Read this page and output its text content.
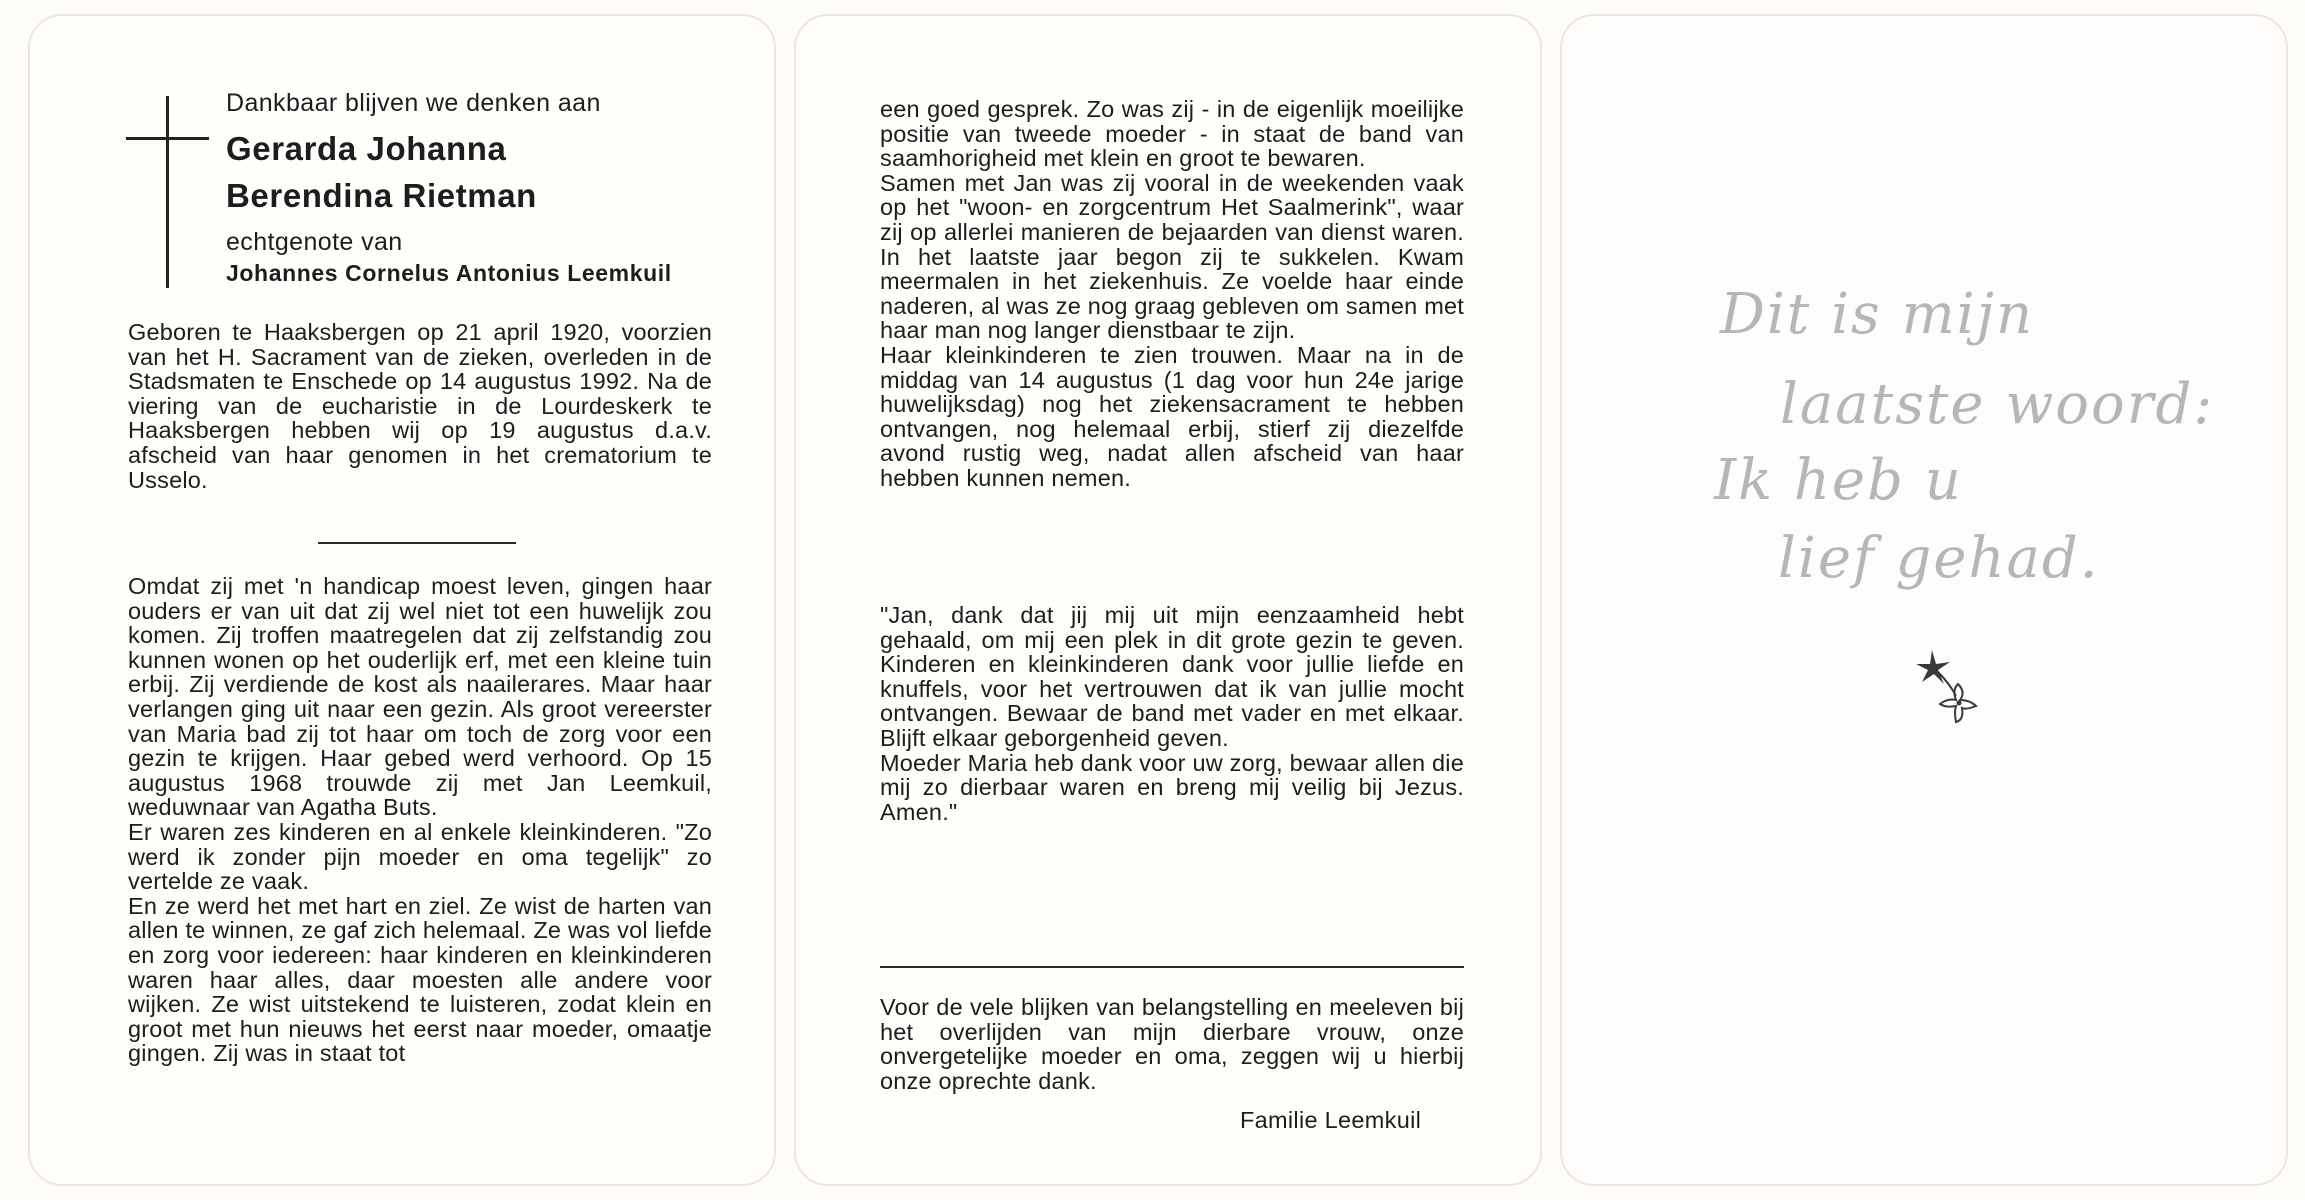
Dankbaar blijven we denken aan

Gerarda Johanna

Berendina Rietman

echtgenote van

Johannes Cornelus Antonius Leemkuil

Geboren te Haaksbergen op 21 april 1920, voorzien van het H. Sacrament van de zieken, overleden in de Stadsmaten te Enschede op 14 augustus 1992. Na de viering van de eucharistie in de Lourdeskerk te Haaksbergen hebben wij op 19 augustus d.a.v. afscheid van haar genomen in het crematorium te Usselo.

Omdat zij met 'n handicap moest leven, gingen haar ouders er van uit dat zij wel niet tot een huwelijk zou komen. Zij troffen maatregelen dat zij zelfstandig zou kunnen wonen op het ouderlijk erf, met een kleine tuin erbij. Zij verdiende de kost als naailerares. Maar haar verlangen ging uit naar een gezin. Als groot vereerster van Maria bad zij tot haar om toch de zorg voor een gezin te krijgen. Haar gebed werd verhoord. Op 15 augustus 1968 trouwde zij met Jan Leemkuil, weduwnaar van Agatha Buts.
Er waren zes kinderen en al enkele kleinkinderen. "Zo werd ik zonder pijn moeder en oma tegelijk" zo vertelde ze vaak.
En ze werd het met hart en ziel. Ze wist de harten van allen te winnen, ze gaf zich helemaal. Ze was vol liefde en zorg voor iedereen: haar kinderen en kleinkinderen waren haar alles, daar moesten alle andere voor wijken. Ze wist uitstekend te luisteren, zodat klein en groot met hun nieuws het eerst naar moeder, omaatje gingen. Zij was in staat tot

een goed gesprek. Zo was zij - in de eigenlijk moeilijke positie van tweede moeder - in staat de band van saamhorigheid met klein en groot te bewaren.
Samen met Jan was zij vooral in de weekenden vaak op het "woon- en zorgcentrum Het Saalmerink", waar zij op allerlei manieren de bejaarden van dienst waren. In het laatste jaar begon zij te sukkelen. Kwam meermalen in het ziekenhuis. Ze voelde haar einde naderen, al was ze nog graag gebleven om samen met haar man nog langer dienstbaar te zijn.
Haar kleinkinderen te zien trouwen. Maar na in de middag van 14 augustus (1 dag voor hun 24e jarige huwelijksdag) nog het ziekensacrament te hebben ontvangen, nog helemaal erbij, stierf zij diezelfde avond rustig weg, nadat allen afscheid van haar hebben kunnen nemen.

"Jan, dank dat jij mij uit mijn eenzaamheid hebt gehaald, om mij een plek in dit grote gezin te geven. Kinderen en kleinkinderen dank voor jullie liefde en knuffels, voor het vertrouwen dat ik van jullie mocht ontvangen. Bewaar de band met vader en met elkaar. Blijft elkaar geborgenheid geven.
Moeder Maria heb dank voor uw zorg, bewaar allen die mij zo dierbaar waren en breng mij veilig bij Jezus. Amen."

Voor de vele blijken van belangstelling en meeleven bij het overlijden van mijn dierbare vrouw, onze onvergetelijke moeder en oma, zeggen wij u hierbij onze oprechte dank.

Familie Leemkuil

Dit is mijn

laatste woord:

Ik heb u

lief gehad.
